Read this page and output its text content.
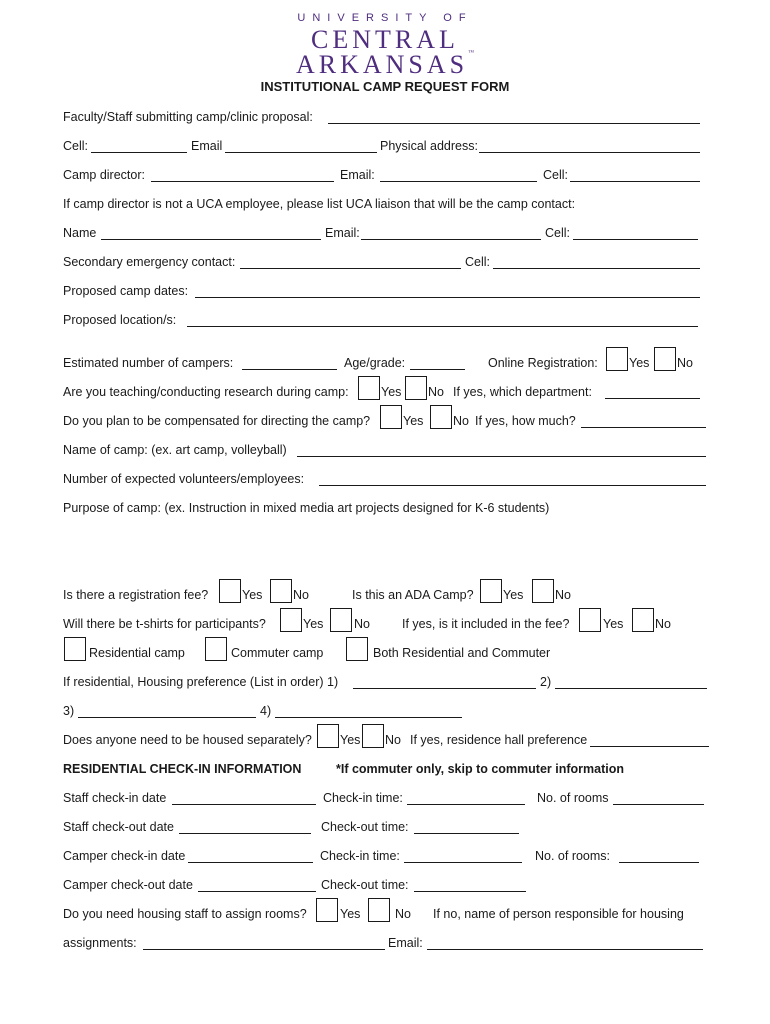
UNIVERSITY OF
CENTRAL
ARKANSAS™
INSTITUTIONAL CAMP REQUEST FORM
Faculty/Staff submitting camp/clinic proposal:
Cell:	Email	Physical address:
Camp director:	Email:	Cell:
If camp director is not a UCA employee, please list UCA liaison that will be the camp contact:
Name	Email:	Cell:
Secondary emergency contact:	Cell:
Proposed camp dates:
Proposed location/s:
Estimated number of campers:	Age/grade:	Online Registration: Yes No
Are you teaching/conducting research during camp:	Yes No If yes, which department:
Do you plan to be compensated for directing the camp?	Yes No If yes, how much?
Name of camp: (ex. art camp, volleyball)
Number of expected volunteers/employees:
Purpose of camp: (ex. Instruction in mixed media art projects designed for K-6 students)
Is there a registration fee?	Yes No	Is this an ADA Camp? Yes	No
Will there be t-shirts for participants?	Yes No	If yes, is it included in the fee?	Yes	No
Residential camp	Commuter camp	Both Residential and Commuter
If residential, Housing preference (List in order) 1)	2)
3)	4)
Does anyone need to be housed separately? Yes No If yes, residence hall preference
RESIDENTIAL CHECK-IN INFORMATION	*If commuter only, skip to commuter information
Staff check-in date	Check-in time:	No. of rooms
Staff check-out date	Check-out time:
Camper check-in date	Check-in time:	No. of rooms:
Camper check-out date	Check-out time:
Do you need housing staff to assign rooms?	Yes	No If no, name of person responsible for housing
assignments:	Email:
